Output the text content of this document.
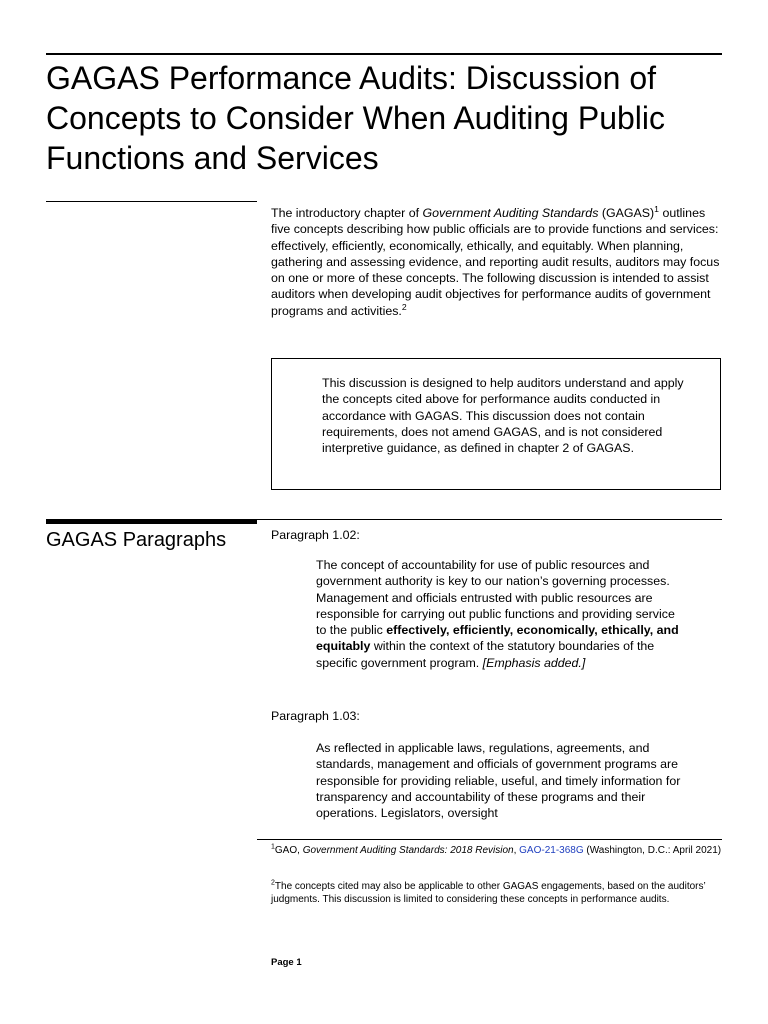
GAGAS Performance Audits: Discussion of Concepts to Consider When Auditing Public Functions and Services

The introductory chapter of Government Auditing Standards (GAGAS)$^1$ outlines five concepts describing how public officials are to provide functions and services: effectively, efficiently, economically, ethically, and equitably. When planning, gathering and assessing evidence, and reporting audit results, auditors may focus on one or more of these concepts. The following discussion is intended to assist auditors when developing audit objectives for performance audits of government programs and activities.$^2$

This discussion is designed to help auditors understand and apply the concepts cited above for performance audits conducted in accordance with GAGAS. This discussion does not contain requirements, does not amend GAGAS, and is not considered interpretive guidance, as defined in chapter 2 of GAGAS.

GAGAS Paragraphs	Paragraph 1.02:

The concept of accountability for use of public resources and government authority is key to our nation’s governing processes. Management and officials entrusted with public resources are responsible for carrying out public functions and providing service to the public effectively, efficiently, economically, ethically, and equitably within the context of the statutory boundaries of the specific government program. [Emphasis added.]

Paragraph 1.03:

As reflected in applicable laws, regulations, agreements, and standards, management and officials of government programs are responsible for providing reliable, useful, and timely information for transparency and accountability of these programs and their operations. Legislators, oversight

$^1$GAO, Government Auditing Standards: 2018 Revision, GAO-21-368G (Washington, D.C.: April 2021)

$^2$The concepts cited may also be applicable to other GAGAS engagements, based on the auditors’ judgments. This discussion is limited to considering these concepts in performance audits.

Page 1
